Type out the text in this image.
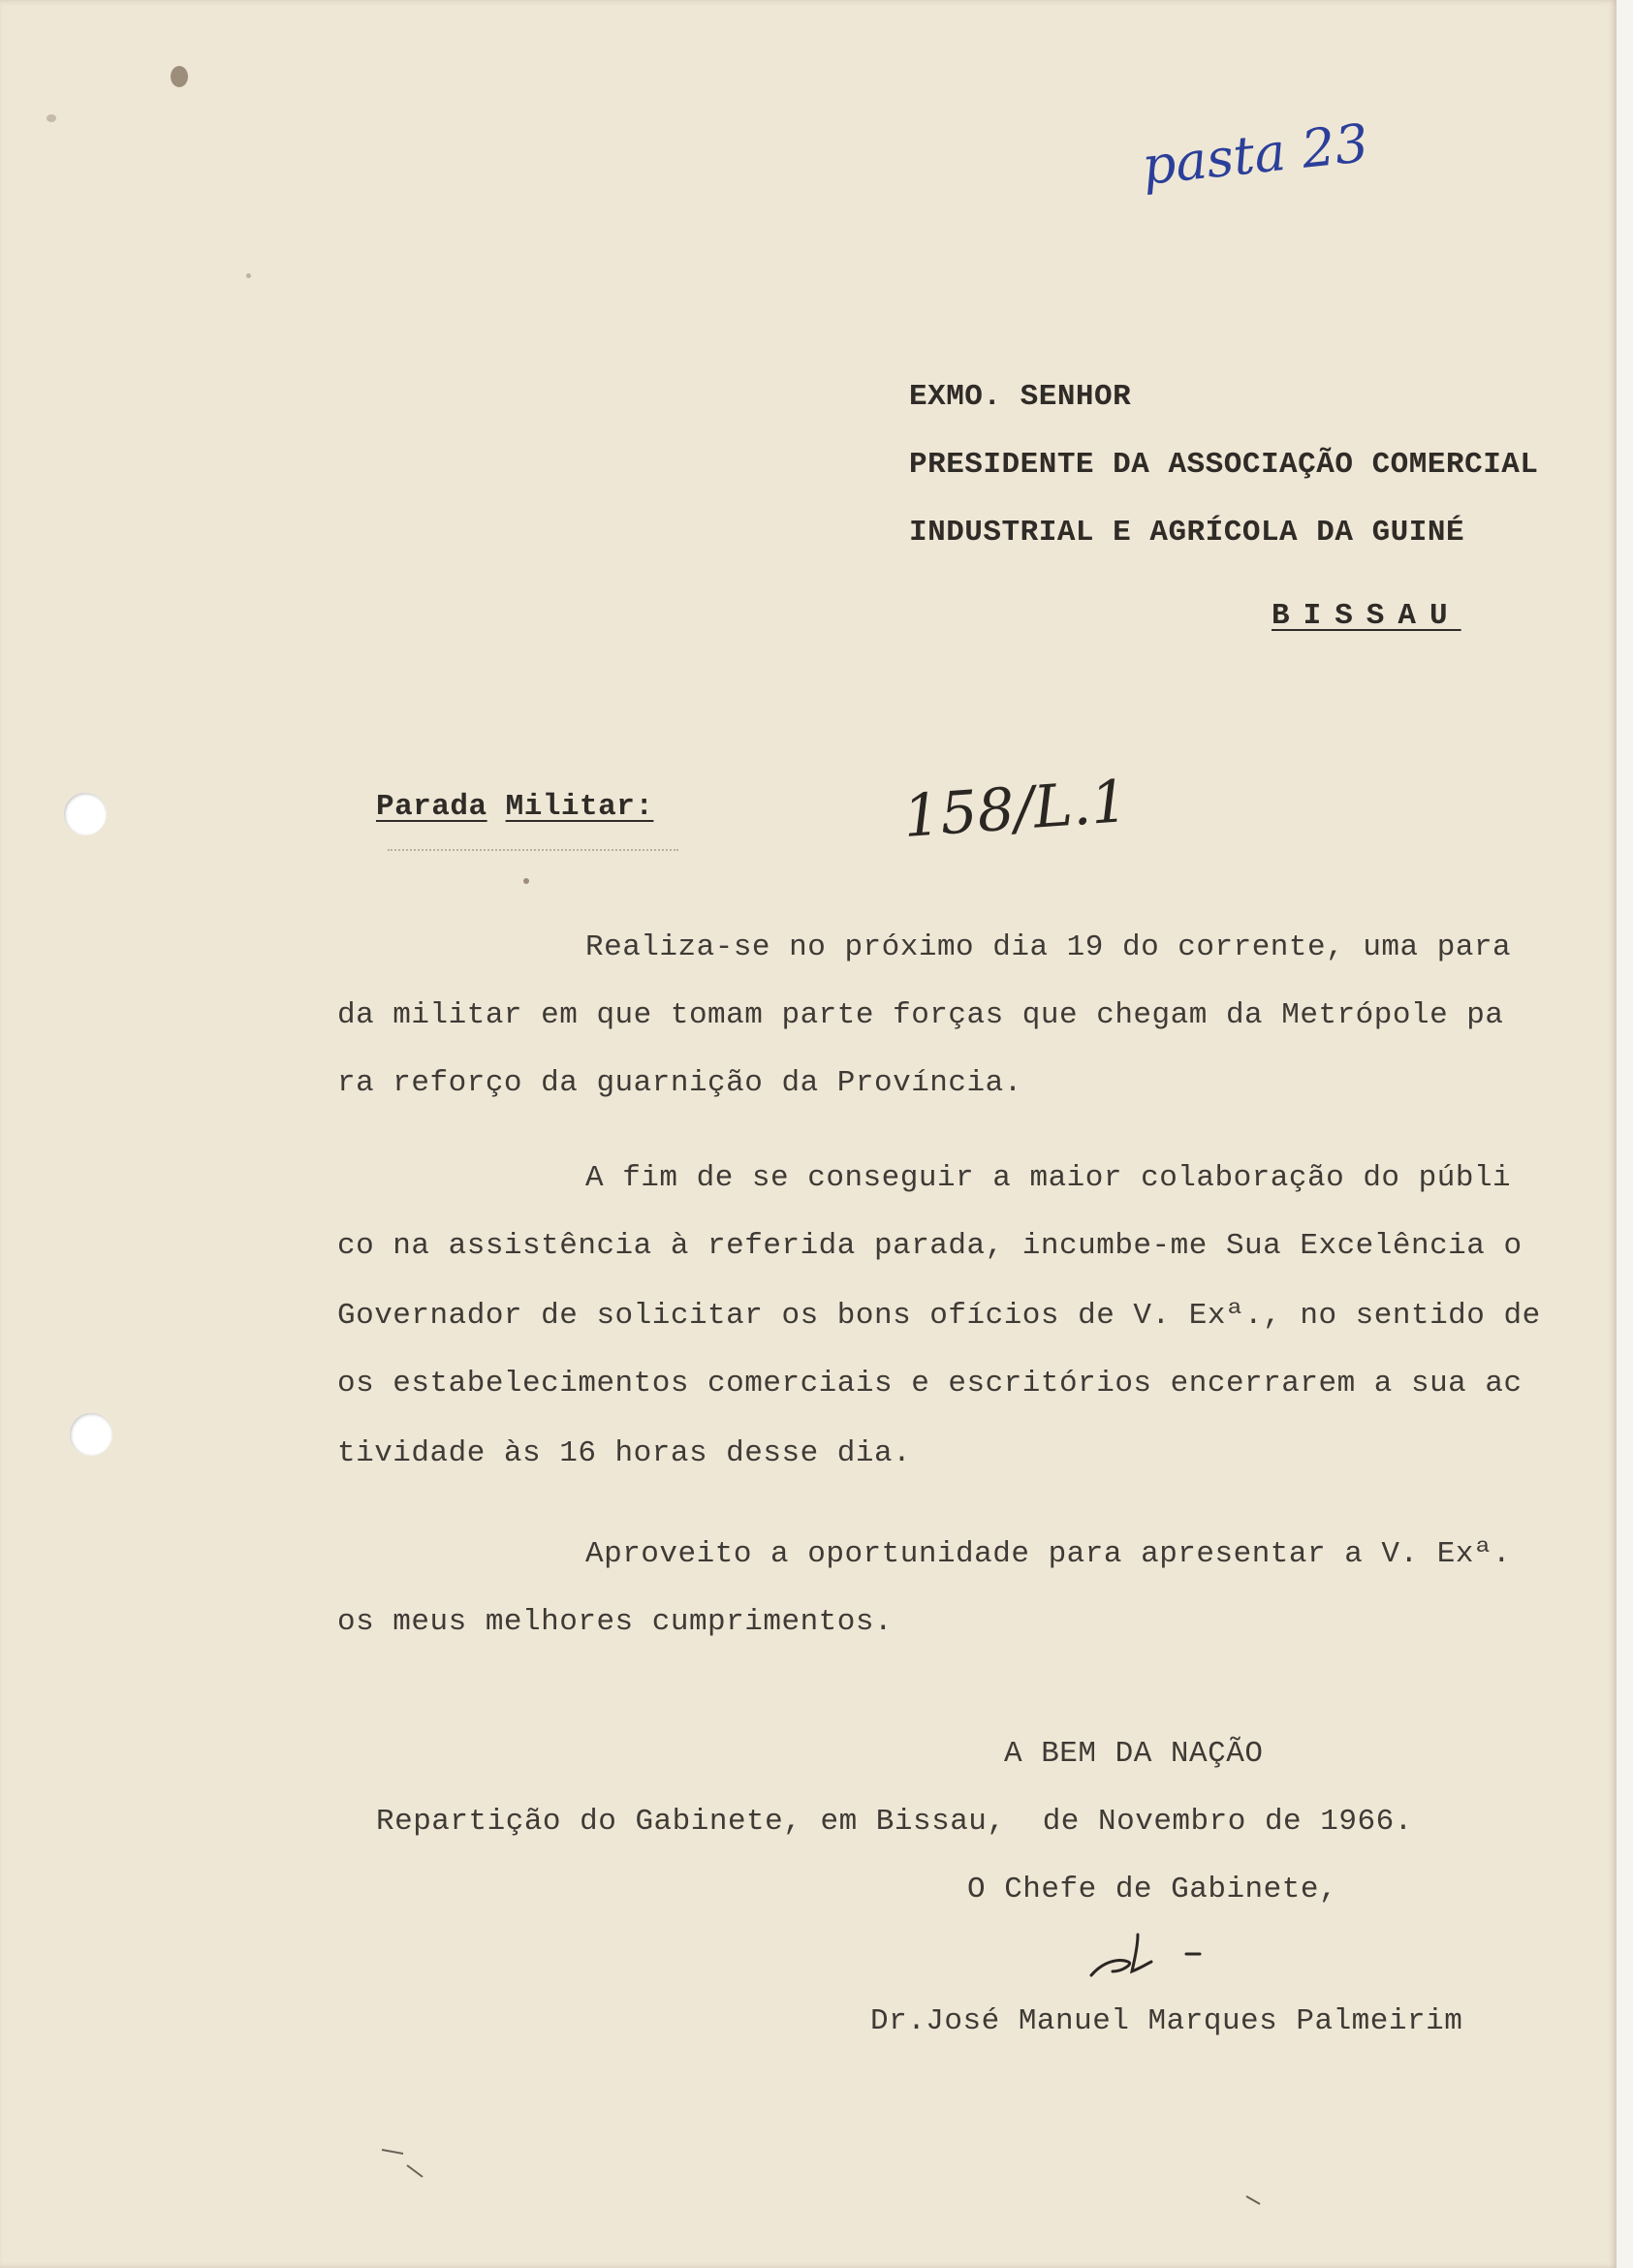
pasta 23
158/L.1
EXMO. SENHOR
PRESIDENTE DA ASSOCIAÇÃO COMERCIAL
INDUSTRIAL E AGRÍCOLA DA GUINÉ
BISSAU
Parada Militar:
Realiza-se no próximo dia 19 do corrente, uma para
da militar em que tomam parte forças que chegam da Metrópole pa
ra reforço da guarnição da Província.
A fim de se conseguir a maior colaboração do públi
co na assistência à referida parada, incumbe-me Sua Excelência o
Governador de solicitar os bons ofícios de V. Exª., no sentido de
os estabelecimentos comerciais e escritórios encerrarem a sua ac
tividade às 16 horas desse dia.
Aproveito a oportunidade para apresentar a V. Exª.
os meus melhores cumprimentos.
A BEM DA NAÇÃO
Repartição do Gabinete, em Bissau,  de Novembro de 1966.
O Chefe de Gabinete,
Dr.José Manuel Marques Palmeirim
